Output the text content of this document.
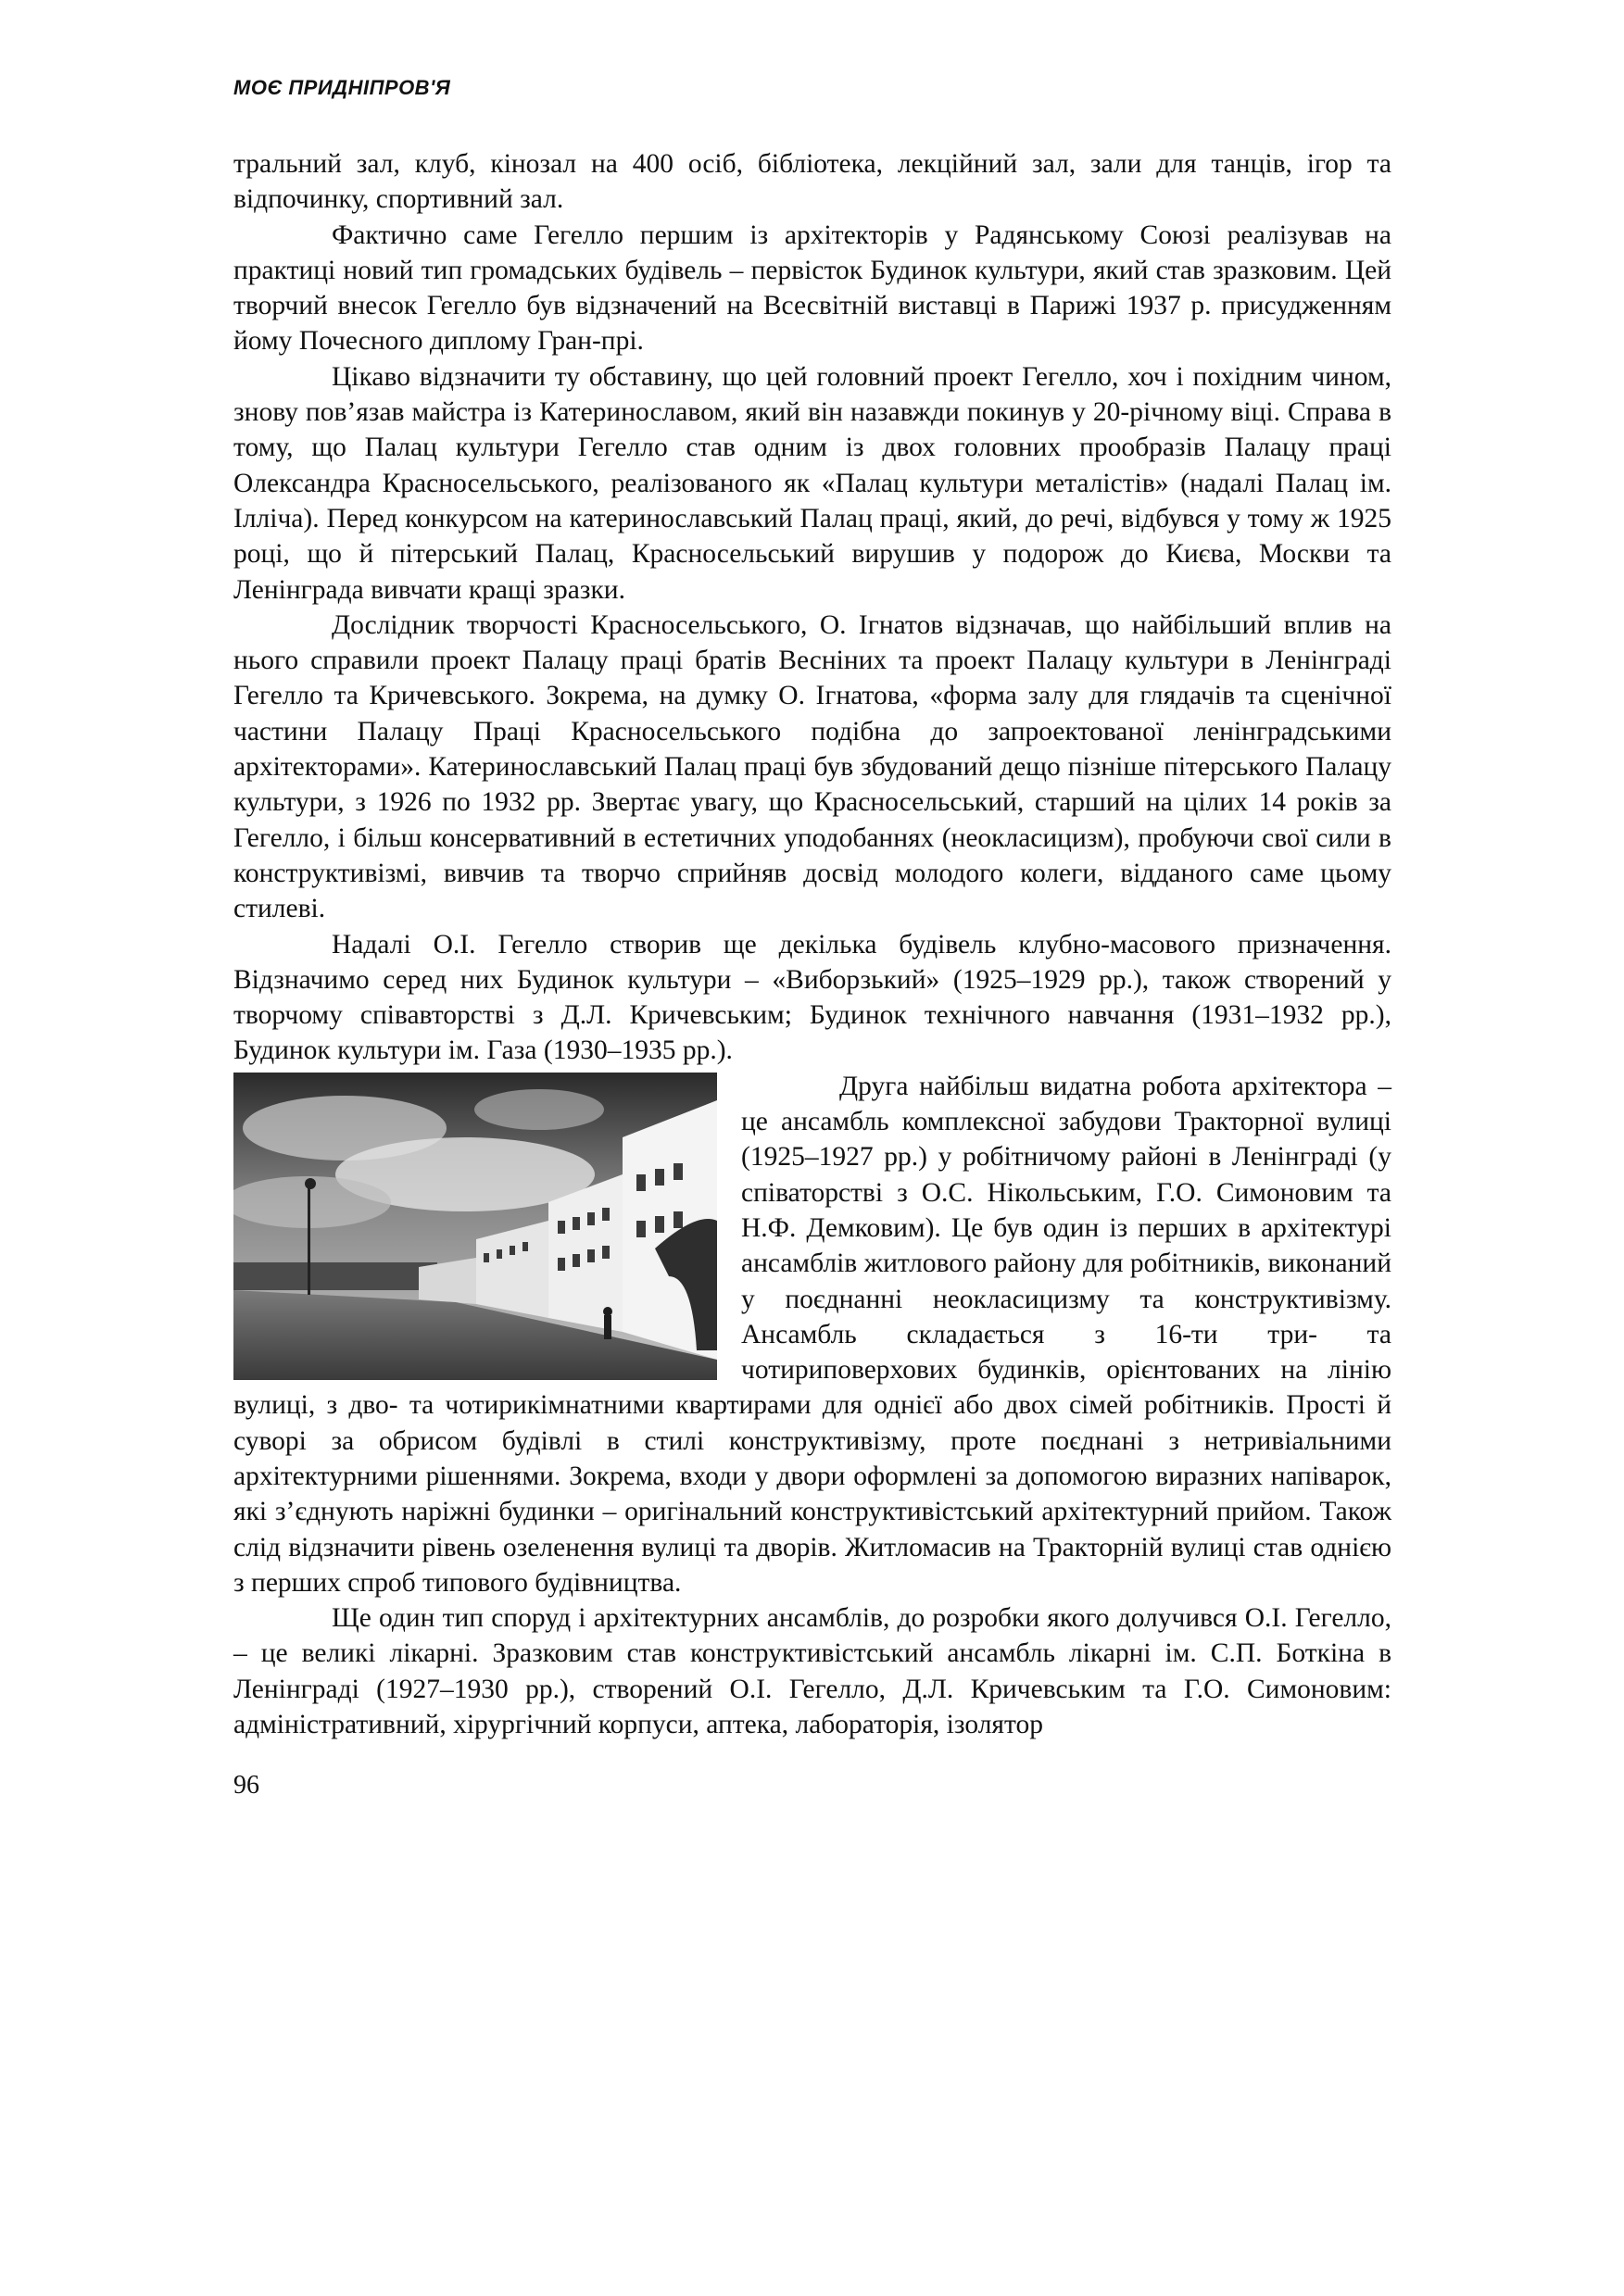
МОЄ ПРИДНІПРОВ'Я

тральний зал, клуб, кінозал на 400 осіб, бібліотека, лекційний зал, зали для танців, ігор та відпочинку, спортивний зал.

Фактично саме Гегелло першим із архітекторів у Радянському Союзі реалізував на практиці новий тип громадських будівель – первісток Будинок культури, який став зразковим. Цей творчий внесок Гегелло був відзначений на Всесвітній виставці в Парижі 1937 р. присудженням йому Почесного диплому Гран-прі.

Цікаво відзначити ту обставину, що цей головний проект Гегелло, хоч і похідним чином, знову пов’язав майстра із Катеринославом, який він назавжди покинув у 20-річному віці. Справа в тому, що Палац культури Гегелло став одним із двох головних прообразів Палацу праці Олександра Красносельського, реалізованого як «Палац культури металістів» (надалі Палац ім. Ілліча). Перед конкурсом на катеринославський Палац праці, який, до речі, відбувся у тому ж 1925 році, що й пітерський Палац, Красносельський вирушив у подорож до Києва, Москви та Ленінграда вивчати кращі зразки.

Дослідник творчості Красносельського, О. Ігнатов відзначав, що найбільший вплив на нього справили проект Палацу праці братів Весніних та проект Палацу культури в Ленінграді Гегелло та Кричевського. Зокрема, на думку О. Ігнатова, «форма залу для глядачів та сценічної частини Палацу Праці Красносельського подібна до запроектованої ленінградськими архітекторами». Катеринославський Палац праці був збудований дещо пізніше пітерського Палацу культури, з 1926 по 1932 рр. Звертає увагу, що Красносельський, старший на цілих 14 років за Гегелло, і більш консервативний в естетичних уподобаннях (неокласицизм), пробуючи свої сили в конструктивізмі, вивчив та творчо сприйняв досвід молодого колеги, відданого саме цьому стилеві.

Надалі О.І. Гегелло створив ще декілька будівель клубно-масового призначення. Відзначимо серед них Будинок культури – «Виборзький» (1925–1929 рр.), також створений у творчому співавторстві з Д.Л. Кричевським; Будинок технічного навчання (1931–1932 рр.), Будинок культури ім. Газа (1930–1935 рр.).

Друга найбільш видатна робота архітектора – це ансамбль комплексної забудови Тракторної вулиці (1925–1927 рр.) у робітничому районі в Ленінграді (у співаторстві з О.С. Нікольським, Г.О. Симоновим та Н.Ф. Демковим). Це був один із перших в архітектурі ансамблів житлового району для робітників, виконаний у поєднанні неокласицизму та конструктивізму. Ансамбль складається з 16-ти три- та чотириповерхових будинків, орієнтованих на лінію вулиці, з дво- та чотирикімнатними квартирами для однієї або двох сімей робітників. Прості й суворі за обрисом будівлі в стилі конструктивізму, проте поєднані з нетривіальними архітектурними рішеннями. Зокрема, входи у двори оформлені за допомогою виразних напіварок, які з’єднують наріжні будинки – оригінальний конструктивістський архітектурний прийом. Також слід відзначити рівень озеленення вулиці та дворів. Житломасив на Тракторній вулиці став однією з перших спроб типового будівництва.

Ще один тип споруд і архітектурних ансамблів, до розробки якого долучився О.І. Гегелло, – це великі лікарні. Зразковим став конструктивістський ансамбль лікарні ім. С.П. Боткіна в Ленінграді (1927–1930 рр.), створений О.І. Гегелло, Д.Л. Кричевським та Г.О. Симоновим: адміністративний, хірургічний корпуси, аптека, лабораторія, ізолятор

96
